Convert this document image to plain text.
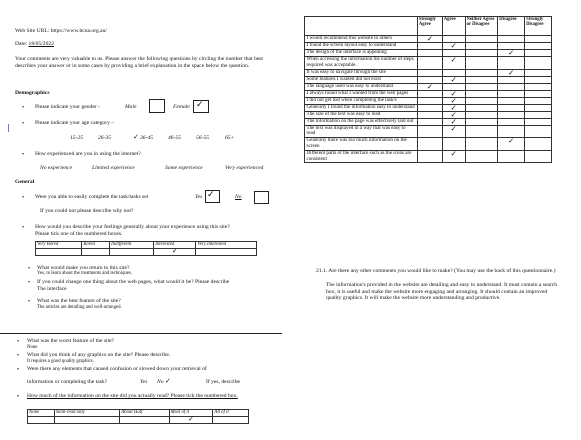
Web Site URL: https://www.bcna.org.au/
Date: 18/05/2022
Your comments are very valuable to us. Please answer the following questions by circling the number that best describes your answer or in some cases by providing a brief explanation in the space below the question.
Demographics
• Please indicate your gender -	Male	Female ✓
• Please indicate your age category –
15-25	26-35	✓ 36-45	46-55	56-55	65+
• How experienced are you in using the internet?
No experience	Limited experience	Some experience	Very experienced
General
• Were you able to easily complete the task/tasks set	Yes ✓	No
If you could not please describe why not?
• How would you describe your feelings generally about your experience using this site?
Please tick one of the numbered boxes.
Very Bored	Bored	Indifferent	Interested	Very Interested
			✓	
• What would make you return to this site?
Yes, to learn about the treatments and techniques.
• If you could change one thing about the web pages, what would it be? Please describe
The interface
• What was the best feature of the site?
The articles are detailing and well-arranged.
• What was the worst feature of the site?
None
• What did you think of any graphics on the site? Please describe.
It requires a good quality graphics.
• Were there any elements that caused confusion or slowed down your retrieval of
information or completing the task?	Yes No ✓	If yes, describe
• How much of the information on the site did you actually read? Please tick the numbered box.
None	Skim-read only	About Half	Most of it	All of it
			✓	
	Strongly Agree	Agree	Neither Agree or Disagree	Disagree	Strongly Disagree
I would recommend this website to others	✓				
I found the screen layout easy to understand		✓			
The design of the interface is appealing				✓	
When accessing the information the number of steps required was acceptable.		✓			
It was easy to navigate through the site				✓	
Some features I wanted did not exist		✓			
The language used was easy to understand	✓				
I always found what I wanted from the web pages		✓			
I did not get lost when completing the task/s		✓			
Generally I found the information easy to understand		✓			
The size of the text was easy to read		✓			
The information on the page was effectively laid out		✓			
The text was displayed in a way that was easy to read		✓			
Generally there was too much information on the screen				✓	
Different parts of the interface such as the icons are consistent		✓			
21.1. Are there any other comments you would like to make? (You may use the back of this questionnaire.)
The information's provided in the website are detailing and easy to understand. It must contain a search box, it is useful and make the website more engaging and arranging. It should contain an improved quality graphics. It will make the website more understanding and productive.
